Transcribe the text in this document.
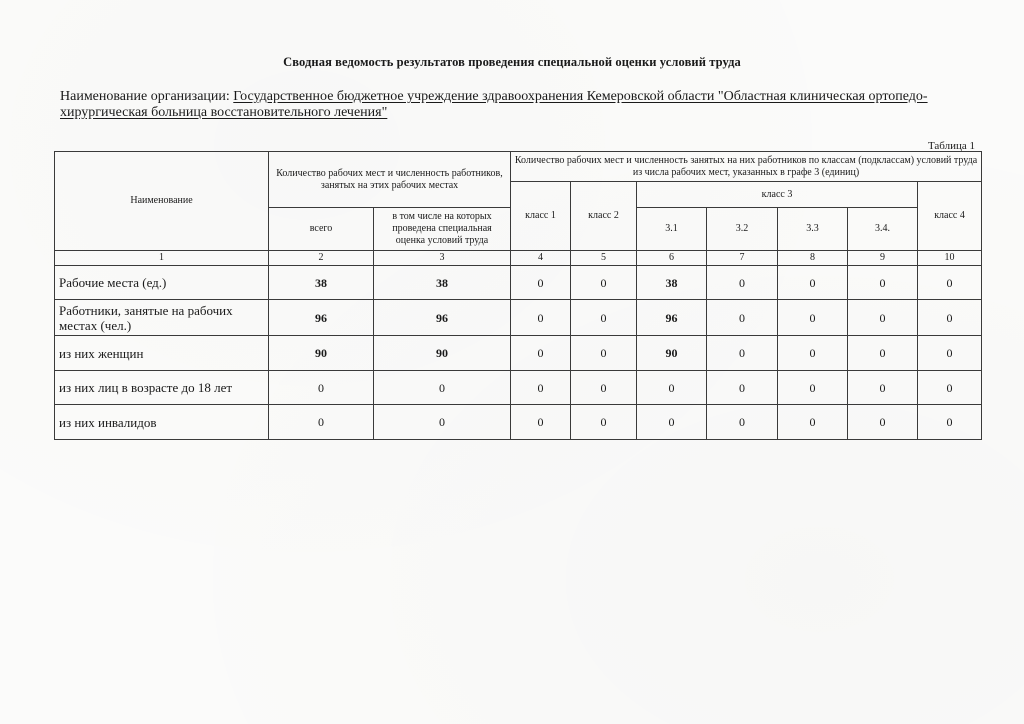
Сводная ведомость результатов проведения специальной оценки условий труда
Наименование организации: Государственное бюджетное учреждение здравоохранения Кемеровской области "Областная клиническая ортопедо-хирургическая больница восстановительного лечения"
Таблица 1
Наименование	Количество рабочих мест и численность работников, занятых на этих рабочих местах		Количество рабочих мест и численность занятых на них работников по классам (подклассам) условий труда из числа рабочих мест, указанных в графе 3 (единиц)						
			класс 1	класс 2	класс 3				класс 4
	всего	в том числе на которых проведена специальная оценка условий труда			3.1	3.2	3.3	3.4.	
1	2	3	4	5	6	7	8	9	10
Рабочие места (ед.)	38	38	0	0	38	0	0	0	0
Работники, занятые на рабочих местах (чел.)	96	96	0	0	96	0	0	0	0
из них женщин	90	90	0	0	90	0	0	0	0
из них лиц в возрасте до 18 лет	0	0	0	0	0	0	0	0	0
из них инвалидов	0	0	0	0	0	0	0	0	0
